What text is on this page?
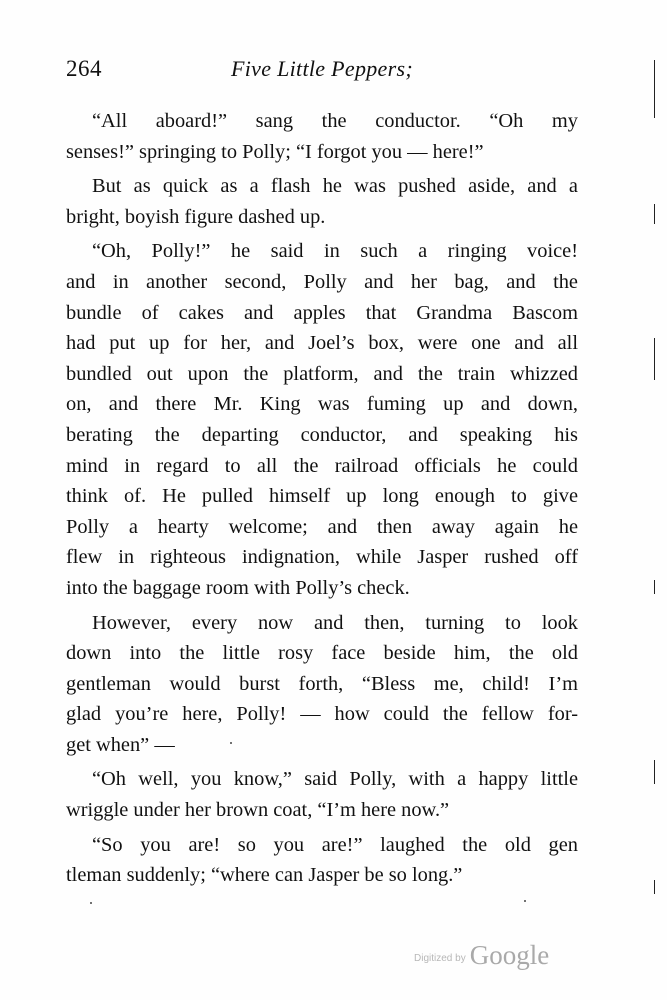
264	Five Little Peppers;
“All aboard!” sang the conductor. “Oh my
senses!” springing to Polly; “I forgot you — here!”
But as quick as a flash he was pushed aside, and a
bright, boyish figure dashed up.
“Oh, Polly!” he said in such a ringing voice!
and in another second, Polly and her bag, and the
bundle of cakes and apples that Grandma Bascom
had put up for her, and Joel’s box, were one and all
bundled out upon the platform, and the train whizzed
on, and there Mr. King was fuming up and down,
berating the departing conductor, and speaking his
mind in regard to all the railroad officials he could
think of. He pulled himself up long enough to give
Polly a hearty welcome; and then away again he
flew in righteous indignation, while Jasper rushed off
into the baggage room with Polly’s check.
However, every now and then, turning to look
down into the little rosy face beside him, the old
gentleman would burst forth, “Bless me, child! I’m
glad you’re here, Polly! — how could the fellow for-
get when” —
“Oh well, you know,” said Polly, with a happy little
wriggle under her brown coat, “I’m here now.”
“So you are! so you are!” laughed the old gen
tleman suddenly; “where can Jasper be so long.”
Digitized by Google
